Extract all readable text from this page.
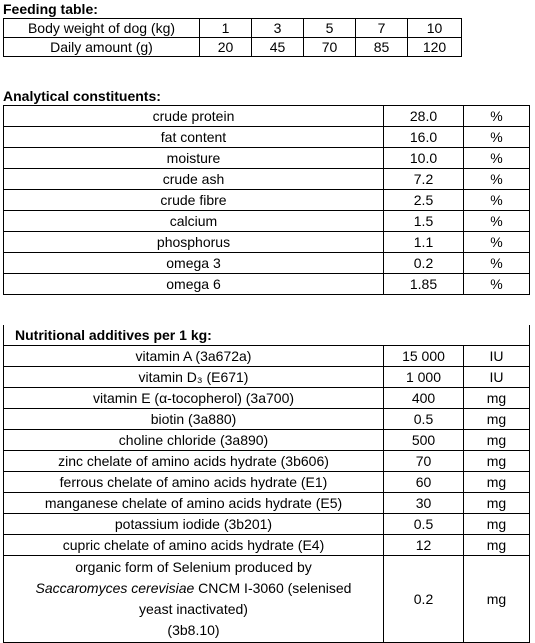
Feeding table:
Body weight of dog (kg)	1	3	5	7	10
Daily amount (g)	20	45	70	85	120
Analytical constituents:
crude protein	28.0	%
fat content	16.0	%
moisture	10.0	%
crude ash	7.2	%
crude fibre	2.5	%
calcium	1.5	%
phosphorus	1.1	%
omega 3	0.2	%
omega 6	1.85	%
Nutritional additives per 1 kg:		
vitamin A (3a672a)	15 000	IU
vitamin D₃ (E671)	1 000	IU
vitamin E (α-tocopherol) (3a700)	400	mg
biotin (3a880)	0.5	mg
choline chloride (3a890)	500	mg
zinc chelate of amino acids hydrate (3b606)	70	mg
ferrous chelate of amino acids hydrate (E1)	60	mg
manganese chelate of amino acids hydrate (E5)	30	mg
potassium iodide (3b201)	0.5	mg
cupric chelate of amino acids hydrate (E4)	12	mg
organic form of Selenium produced by
Saccaromyces cerevisiae CNCM I-3060 (selenised
yeast inactivated)
(3b8.10)	0.2	mg
